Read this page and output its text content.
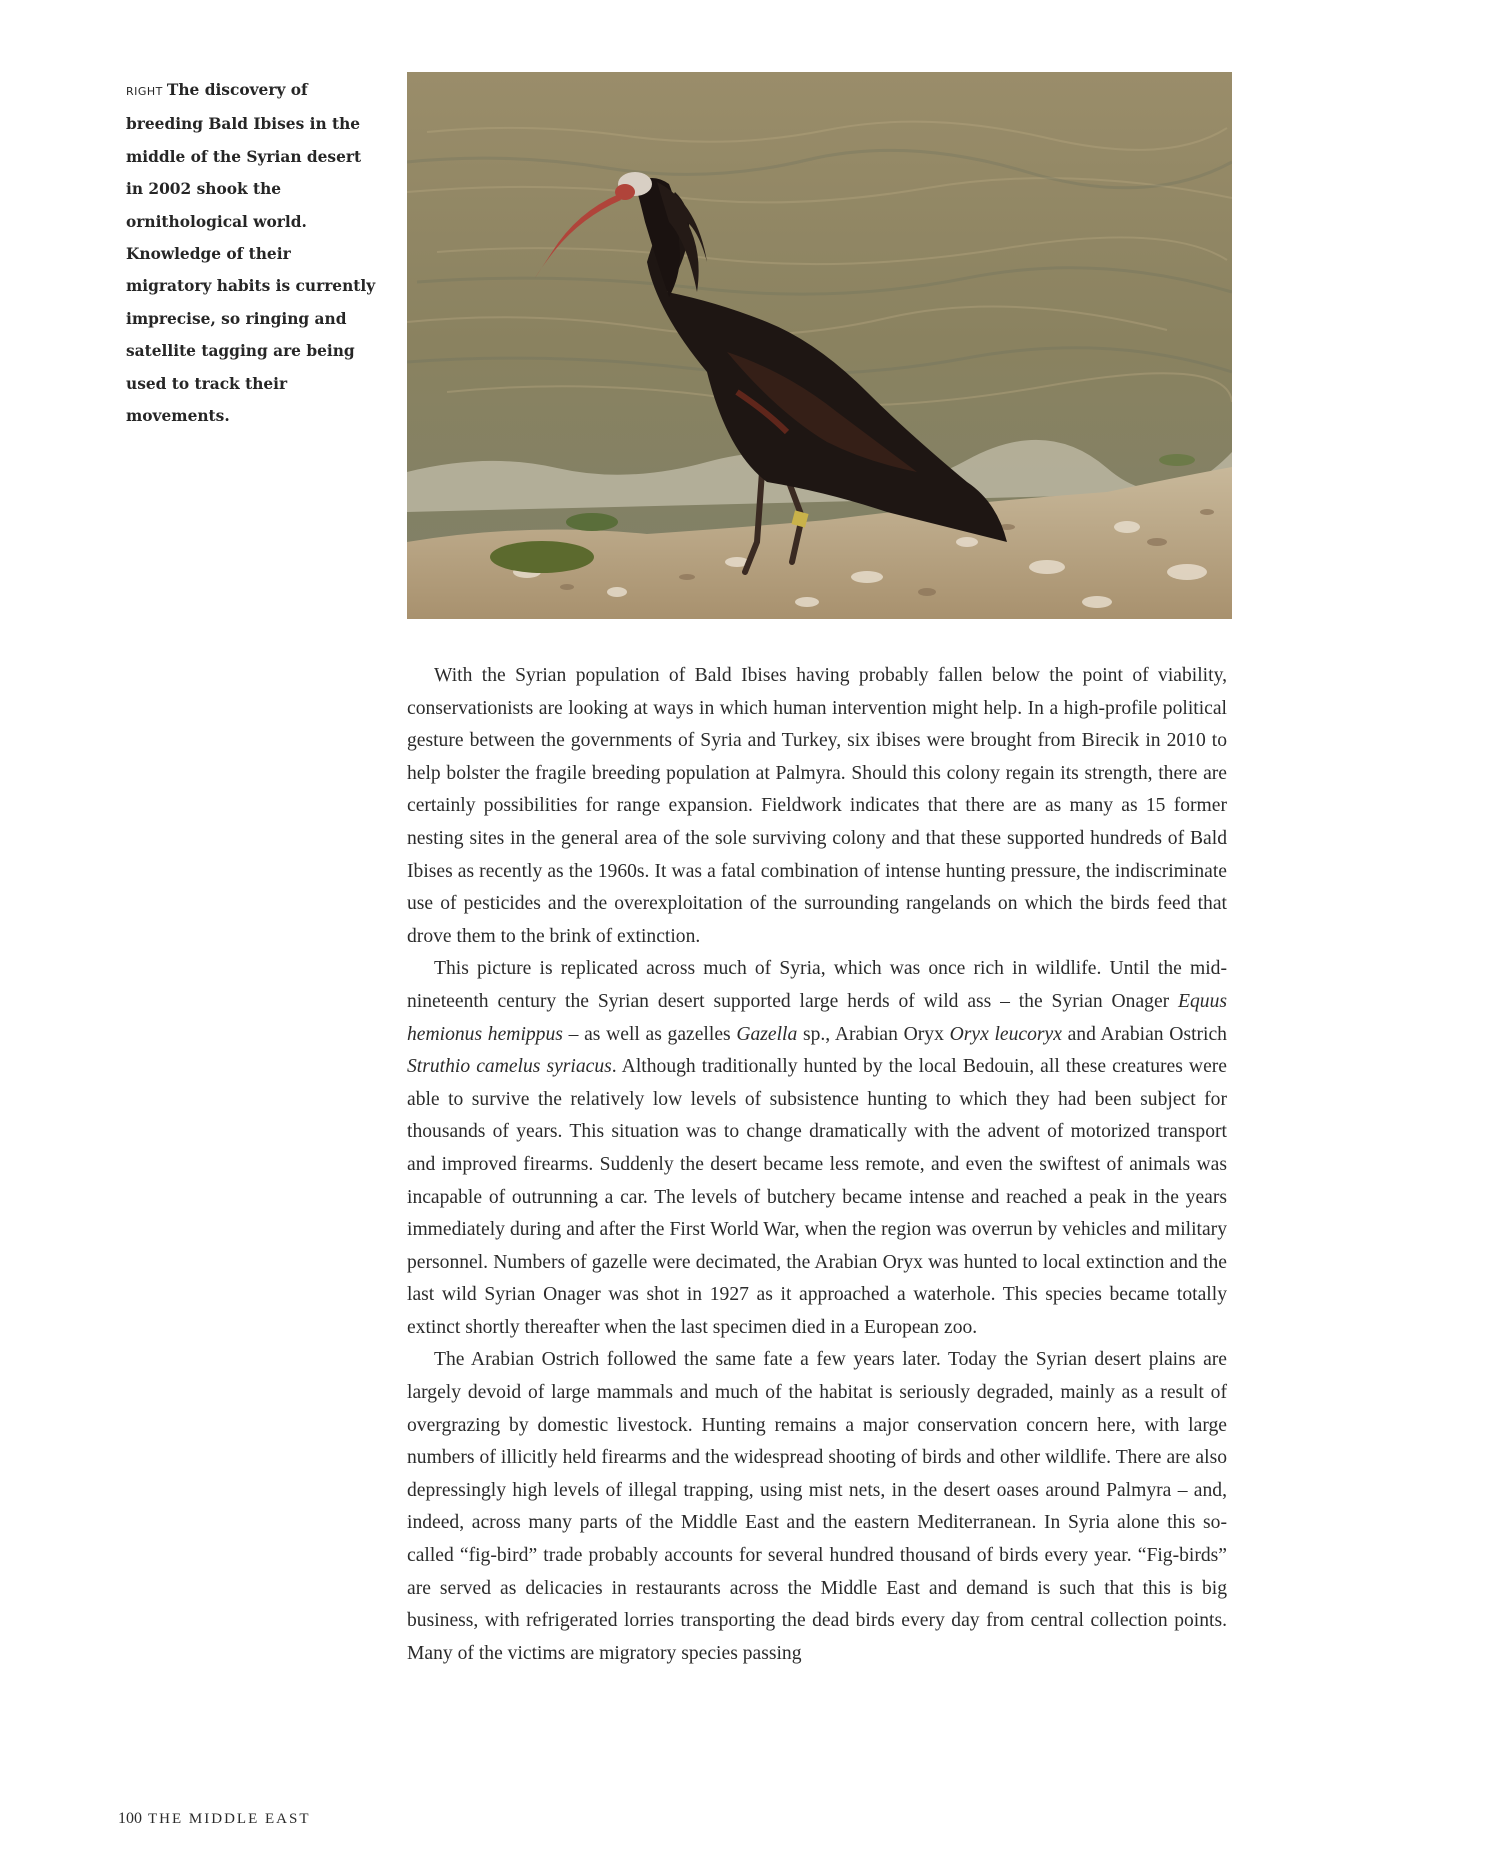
RIGHT The discovery of breeding Bald Ibises in the middle of the Syrian desert in 2002 shook the ornithological world. Knowledge of their migratory habits is currently imprecise, so ringing and satellite tagging are being used to track their movements.

With the Syrian population of Bald Ibises having probably fallen below the point of viability, conservationists are looking at ways in which human intervention might help. In a high-profile political gesture between the governments of Syria and Turkey, six ibises were brought from Birecik in 2010 to help bolster the fragile breeding population at Palmyra. Should this colony regain its strength, there are certainly possibilities for range expansion. Fieldwork indicates that there are as many as 15 former nesting sites in the general area of the sole surviving colony and that these supported hundreds of Bald Ibises as recently as the 1960s. It was a fatal combination of intense hunting pressure, the indiscriminate use of pesticides and the overexploitation of the surrounding rangelands on which the birds feed that drove them to the brink of extinction.

This picture is replicated across much of Syria, which was once rich in wildlife. Until the mid-nineteenth century the Syrian desert supported large herds of wild ass – the Syrian Onager Equus hemionus hemippus – as well as gazelles Gazella sp., Arabian Oryx Oryx leucoryx and Arabian Ostrich Struthio camelus syriacus. Although traditionally hunted by the local Bedouin, all these creatures were able to survive the relatively low levels of subsistence hunting to which they had been subject for thousands of years. This situation was to change dramatically with the advent of motorized transport and improved firearms. Suddenly the desert became less remote, and even the swiftest of animals was incapable of outrunning a car. The levels of butchery became intense and reached a peak in the years immediately during and after the First World War, when the region was overrun by vehicles and military personnel. Numbers of gazelle were decimated, the Arabian Oryx was hunted to local extinction and the last wild Syrian Onager was shot in 1927 as it approached a waterhole. This species became totally extinct shortly thereafter when the last specimen died in a European zoo.

The Arabian Ostrich followed the same fate a few years later. Today the Syrian desert plains are largely devoid of large mammals and much of the habitat is seriously degraded, mainly as a result of overgrazing by domestic livestock. Hunting remains a major conservation concern here, with large numbers of illicitly held firearms and the widespread shooting of birds and other wildlife. There are also depressingly high levels of illegal trapping, using mist nets, in the desert oases around Palmyra – and, indeed, across many parts of the Middle East and the eastern Mediterranean. In Syria alone this so-called “fig-bird” trade probably accounts for several hundred thousand of birds every year. “Fig-birds” are served as delicacies in restaurants across the Middle East and demand is such that this is big business, with refrigerated lorries transporting the dead birds every day from central collection points. Many of the victims are migratory species passing

100 THE MIDDLE EAST
